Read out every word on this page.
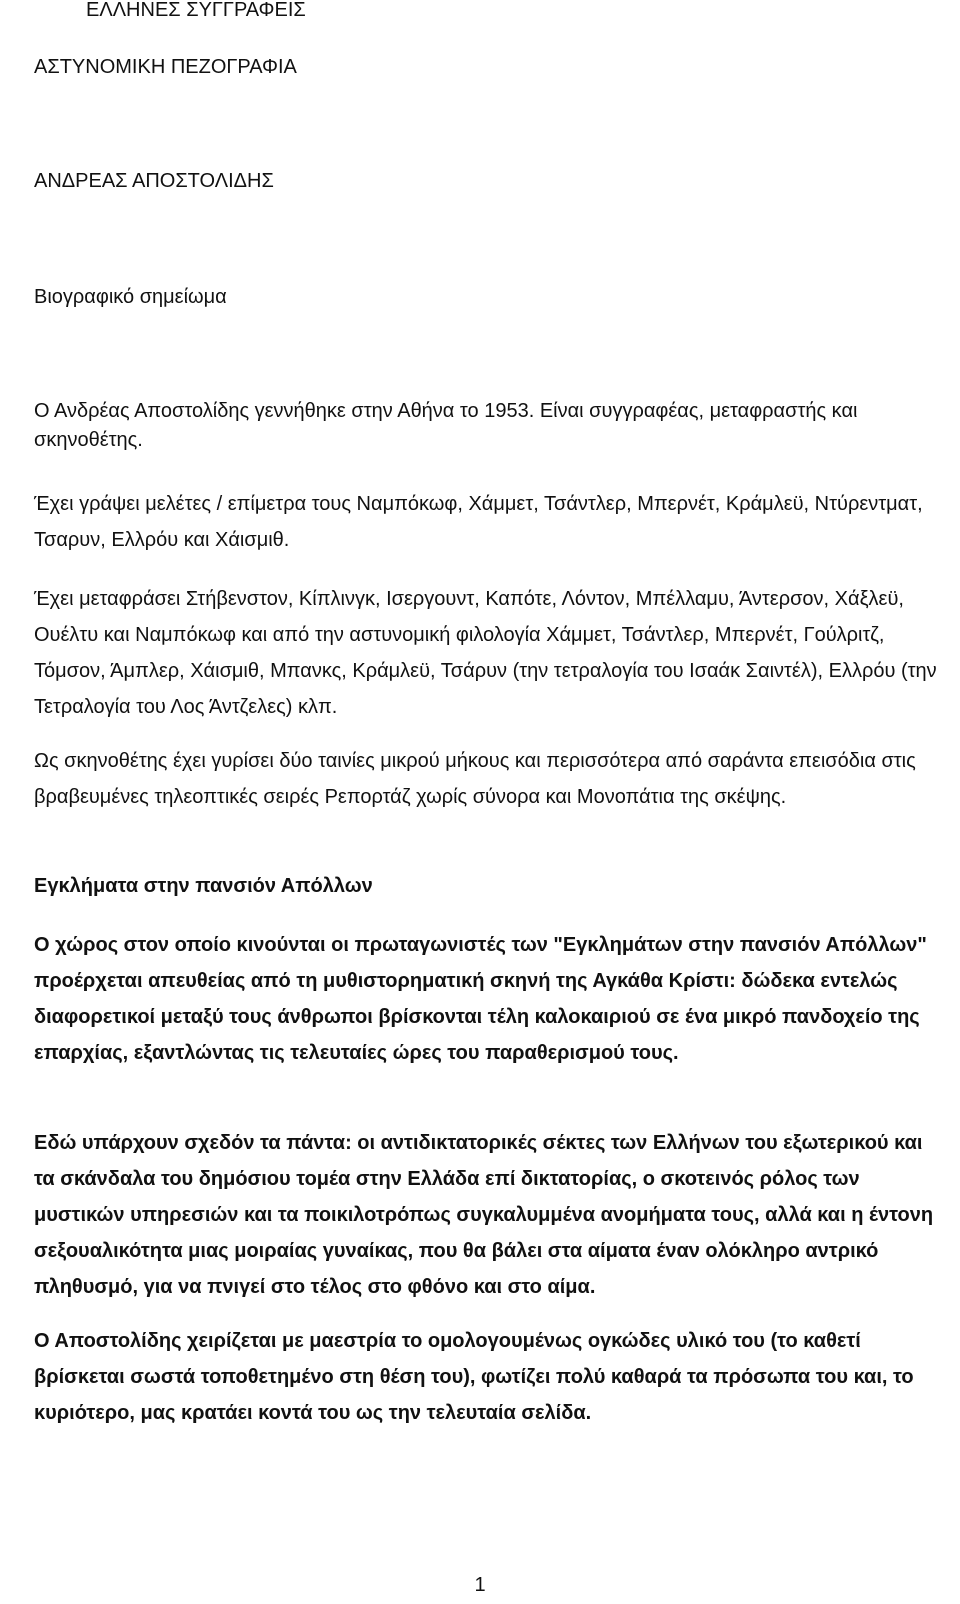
ΕΛΛΗΝΕΣ ΣΥΓΓΡΑΦΕΙΣ

ΑΣΤΥΝΟΜΙΚΗ ΠΕΖΟΓΡΑΦΙΑ

ΑΝΔΡΕΑΣ ΑΠΟΣΤΟΛΙΔΗΣ

Βιογραφικό σημείωμα

Ο Ανδρέας Αποστολίδης γεννήθηκε στην Αθήνα το 1953. Είναι συγγραφέας, μεταφραστής και σκηνοθέτης.

Έχει γράψει μελέτες / επίμετρα τους Ναμπόκωφ, Χάμμετ, Τσάντλερ, Μπερνέτ, Κράμλεϋ, Ντύρεντματ, Τσαρυν, Ελλρόυ και Χάισμιθ.

Έχει μεταφράσει Στήβενστον, Κίπλινγκ, Ισεργουντ, Καπότε, Λόντον, Μπέλλαμυ, Άντερσον, Χάξλεϋ, Ουέλτυ και Ναμπόκωφ και από την αστυνομική φιλολογία Χάμμετ, Τσάντλερ, Μπερνέτ, Γούλριτζ, Τόμσον, Άμπλερ, Χάισμιθ, Μπανκς, Κράμλεϋ, Τσάρυν (την τετραλογία του Ισαάκ Σαιντέλ), Ελλρόυ (την Τετραλογία του Λος Άντζελες) κλπ.

Ως σκηνοθέτης έχει γυρίσει δύο ταινίες μικρού μήκους και περισσότερα από σαράντα επεισόδια στις βραβευμένες τηλεοπτικές σειρές Ρεπορτάζ χωρίς σύνορα και Μονοπάτια της σκέψης.

Εγκλήματα στην πανσιόν Απόλλων

Ο χώρος στον οποίο κινούνται οι πρωταγωνιστές των "Εγκλημάτων στην πανσιόν Απόλλων" προέρχεται απευθείας από τη μυθιστορηματική σκηνή της Αγκάθα Κρίστι: δώδεκα εντελώς διαφορετικοί μεταξύ τους άνθρωποι βρίσκονται τέλη καλοκαιριού σε ένα μικρό πανδοχείο της επαρχίας, εξαντλώντας τις τελευταίες ώρες του παραθερισμού τους.

Εδώ υπάρχουν σχεδόν τα πάντα: οι αντιδικτατορικές σέκτες των Ελλήνων του εξωτερικού και τα σκάνδαλα του δημόσιου τομέα στην Ελλάδα επί δικτατορίας, ο σκοτεινός ρόλος των μυστικών υπηρεσιών και τα ποικιλοτρόπως συγκαλυμμένα ανομήματα τους, αλλά και η έντονη σεξουαλικότητα μιας μοιραίας γυναίκας, που θα βάλει στα αίματα έναν ολόκληρο αντρικό πληθυσμό, για να πνιγεί στο τέλος στο φθόνο και στο αίμα.

Ο Αποστολίδης χειρίζεται με μαεστρία το ομολογουμένως ογκώδες υλικό του (το καθετί βρίσκεται σωστά τοποθετημένο στη θέση του), φωτίζει πολύ καθαρά τα πρόσωπα του και, το κυριότερο, μας κρατάει κοντά του ως την τελευταία σελίδα.

1
